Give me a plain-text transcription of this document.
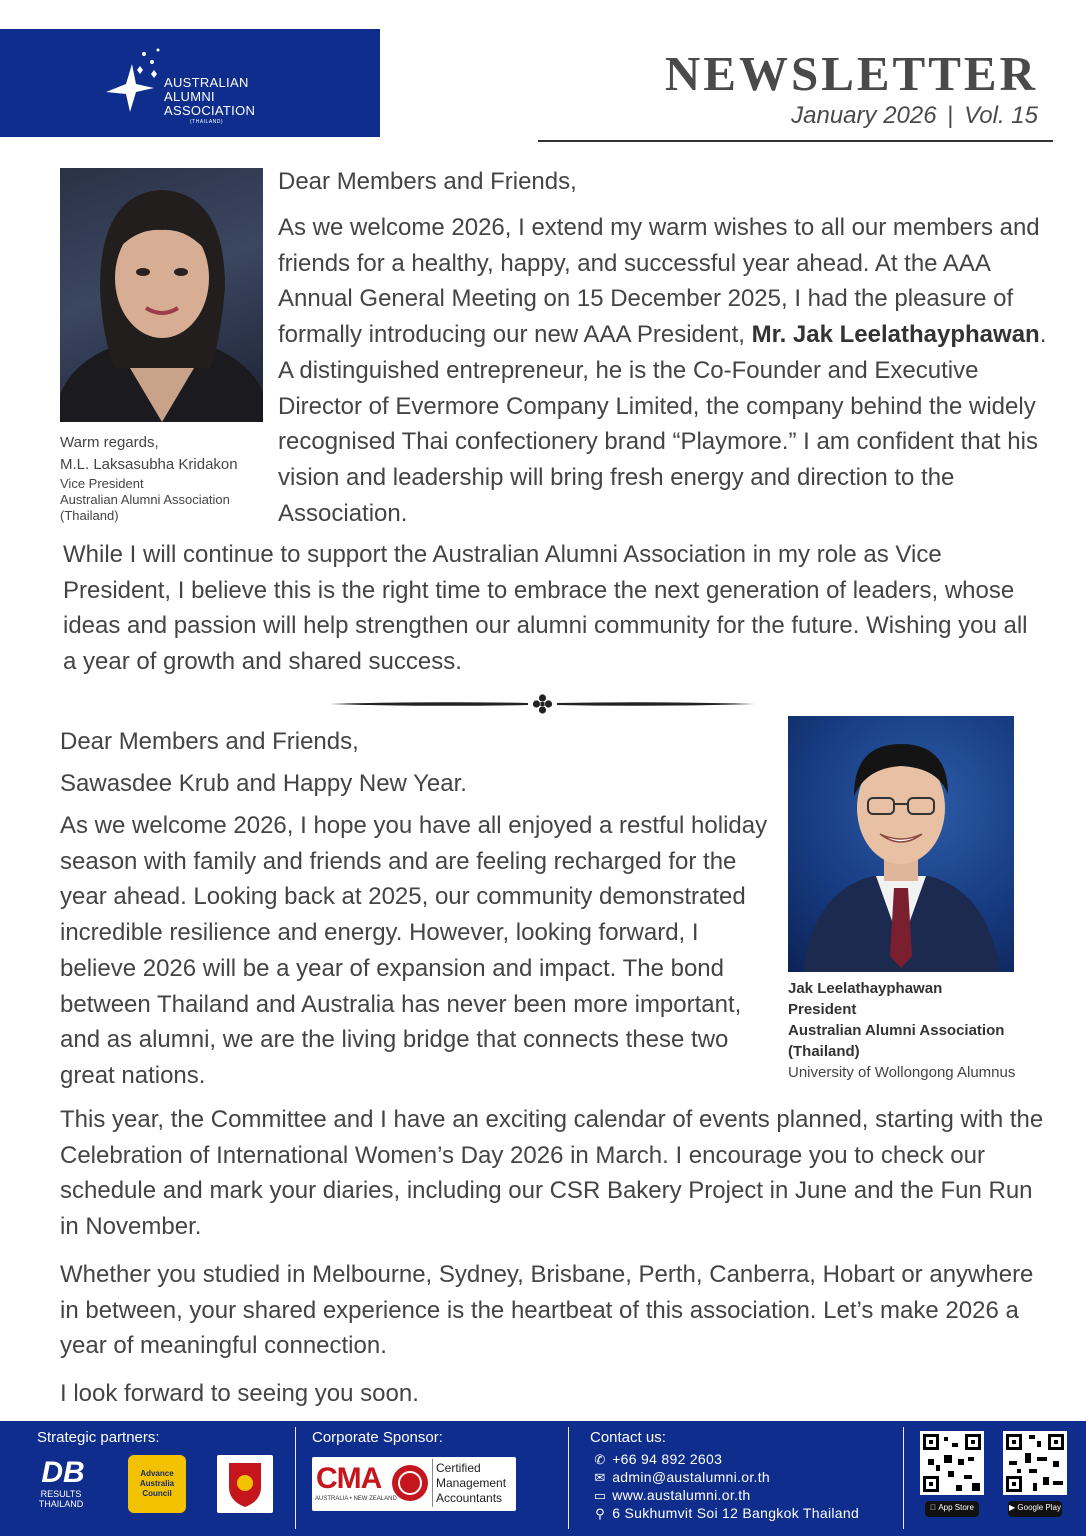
AUSTRALIAN
ALUMNI
ASSOCIATION
(THAILAND)
NEWSLETTER
January 2026 | Vol. 15
Warm regards,
M.L. Laksasubha Kridakon
Vice President
Australian Alumni Association
(Thailand)

Dear Members and Friends,

As we welcome 2026, I extend my warm wishes to all our members and friends for a healthy, happy, and successful year ahead. At the AAA Annual General Meeting on 15 December 2025, I had the pleasure of formally introducing our new AAA President, Mr. Jak Leelathayphawan. A distinguished entrepreneur, he is the Co-Founder and Executive Director of Evermore Company Limited, the company behind the widely recognised Thai confectionery brand “Playmore.” I am confident that his vision and leadership will bring fresh energy and direction to the Association.

While I will continue to support the Australian Alumni Association in my role as Vice President, I believe this is the right time to embrace the next generation of leaders, whose ideas and passion will help strengthen our alumni community for the future. Wishing you all a year of growth and shared success.

Dear Members and Friends,

Sawasdee Krub and Happy New Year.

As we welcome 2026, I hope you have all enjoyed a restful holiday season with family and friends and are feeling recharged for the year ahead. Looking back at 2025, our community demonstrated incredible resilience and energy. However, looking forward, I believe 2026 will be a year of expansion and impact. The bond between Thailand and Australia has never been more important, and as alumni, we are the living bridge that connects these two great nations.

Jak Leelathayphawan
President
Australian Alumni Association
(Thailand)
University of Wollongong Alumnus

This year, the Committee and I have an exciting calendar of events planned, starting with the Celebration of International Women’s Day 2026 in March. I encourage you to check our schedule and mark your diaries, including our CSR Bakery Project in June and the Fun Run in November.

Whether you studied in Melbourne, Sydney, Brisbane, Perth, Canberra, Hobart or anywhere in between, your shared experience is the heartbeat of this association. Let’s make 2026 a year of meaningful connection.

I look forward to seeing you soon.

Strategic partners:
DB
RESULTS THAILAND
Advance Australia Council
Corporate Sponsor:
CMA
AUSTRALIA • NEW ZEALAND
Certified
Management
Accountants
Contact us:
✆ +66 94 892 2603
✉ admin@austalumni.or.th
▭ www.austalumni.or.th
⚲ 6 Sukhumvit Soi 12 Bangkok Thailand	App Store	▶ Google Play
